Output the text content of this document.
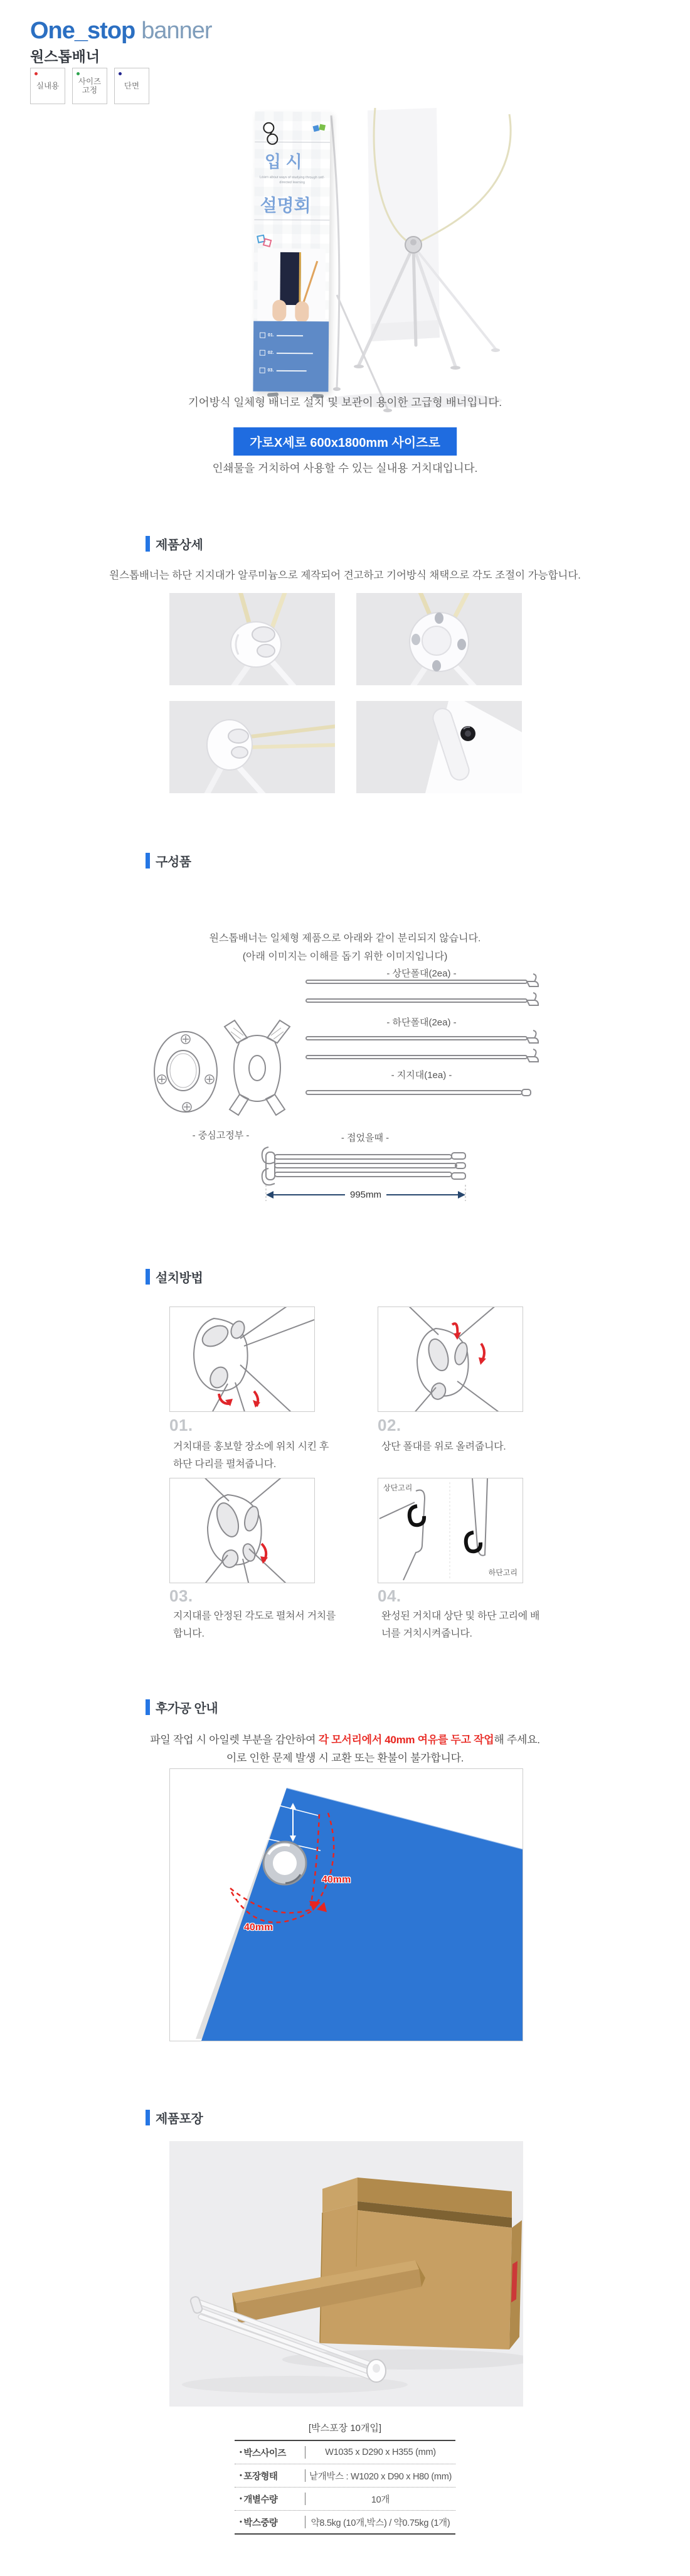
One_stop banner
원스톱배너
실내용
사이즈 고정
단면
입 시
Learn about ways of studying through self-directed learning
설명회
01.
02.
03.
기어방식 일체형 배너로 설치 및 보관이 용이한 고급형 배너입니다.
가로X세로 600x1800mm 사이즈로
인쇄물을 거치하여 사용할 수 있는 실내용 거치대입니다.
제품상세
원스톱배너는 하단 지지대가 알루미늄으로 제작되어 견고하고 기어방식 채택으로 각도 조절이 가능합니다.
구성품
원스톱배너는 일체형 제품으로 아래와 같이 분리되지 않습니다.
(아래 이미지는 이해를 돕기 위한 이미지입니다)
- 상단폴대(2ea) -
- 하단폴대(2ea) -
- 지지대(1ea) -
- 중심고정부 -	- 접었을때 -
995mm
설치방법
01.	02.
거치대를 홍보할 장소에 위치 시킨 후 하단 다리를 펼쳐줍니다.
상단 폴대를 위로 올려줍니다.
상단고리
하단고리
03.	04.
지지대를 안정된 각도로 펼쳐서 거치를 합니다.
완성된 거치대 상단 및 하단 고리에 배너를 거치시켜줍니다.
후가공 안내
파일 작업 시 아일렛 부분을 감안하여 각 모서리에서 40mm 여유를 두고 작업해 주세요.
이로 인한 문제 발생 시 교환 또는 환불이 불가합니다.
10mm
40mm
40mm
제품포장
[박스포장 10개입]
• 박스사이즈	W1035 x D290 x H355 (mm)
• 포장형태	낱개박스 : W1020 x D90 x H80 (mm)
• 개별수량	10개
• 박스중량	약8.5kg (10개,박스) / 약0.75kg (1개)
